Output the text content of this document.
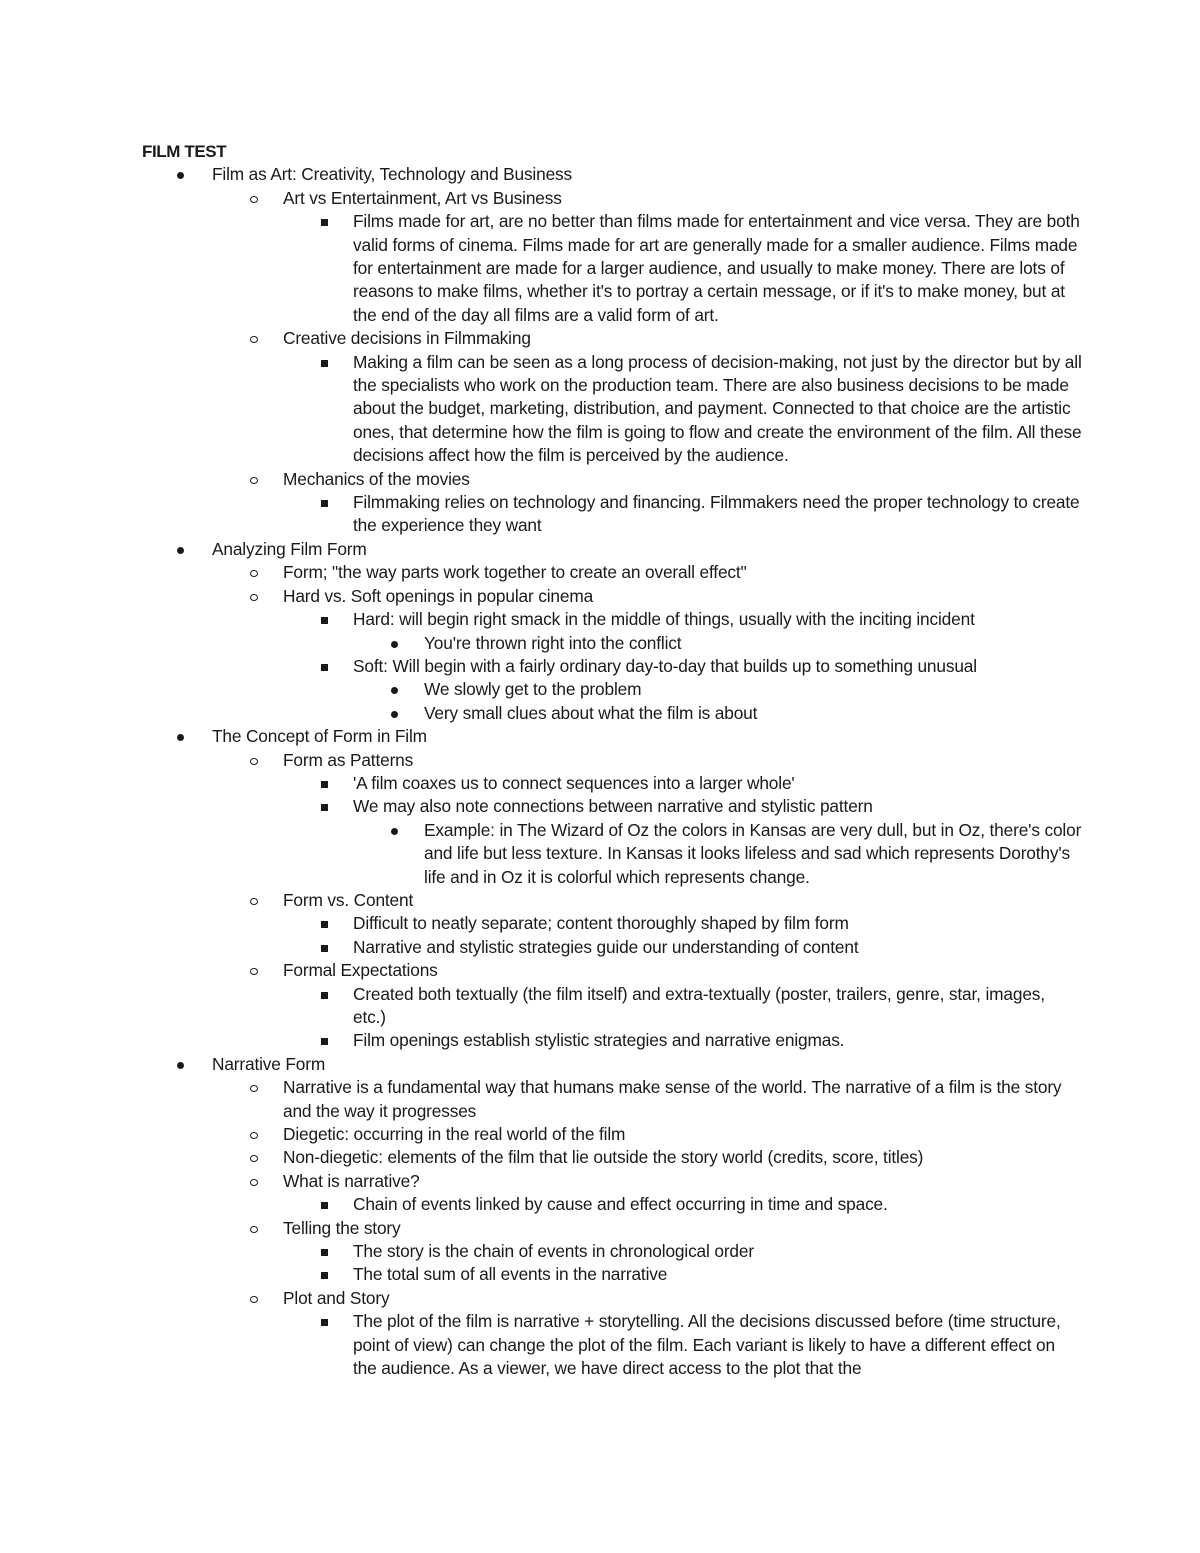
FILM TEST
Film as Art: Creativity, Technology and Business
Art vs Entertainment, Art vs Business
Films made for art, are no better than films made for entertainment and vice versa. They are both valid forms of cinema. Films made for art are generally made for a smaller audience. Films made for entertainment are made for a larger audience, and usually to make money. There are lots of reasons to make films, whether it's to portray a certain message, or if it's to make money, but at the end of the day all films are a valid form of art.
Creative decisions in Filmmaking
Making a film can be seen as a long process of decision-making, not just by the director but by all the specialists who work on the production team. There are also business decisions to be made about the budget, marketing, distribution, and payment. Connected to that choice are the artistic ones, that determine how the film is going to flow and create the environment of the film. All these decisions affect how the film is perceived by the audience.
Mechanics of the movies
Filmmaking relies on technology and financing. Filmmakers need the proper technology to create the experience they want
Analyzing Film Form
Form; "the way parts work together to create an overall effect"
Hard vs. Soft openings in popular cinema
Hard: will begin right smack in the middle of things, usually with the inciting incident
You're thrown right into the conflict
Soft: Will begin with a fairly ordinary day-to-day that builds up to something unusual
We slowly get to the problem
Very small clues about what the film is about
The Concept of Form in Film
Form as Patterns
'A film coaxes us to connect sequences into a larger whole'
We may also note connections between narrative and stylistic pattern
Example: in The Wizard of Oz the colors in Kansas are very dull, but in Oz, there's color and life but less texture. In Kansas it looks lifeless and sad which represents Dorothy's life and in Oz it is colorful which represents change.
Form vs. Content
Difficult to neatly separate; content thoroughly shaped by film form
Narrative and stylistic strategies guide our understanding of content
Formal Expectations
Created both textually (the film itself) and extra-textually (poster, trailers, genre, star, images, etc.)
Film openings establish stylistic strategies and narrative enigmas.
Narrative Form
Narrative is a fundamental way that humans make sense of the world. The narrative of a film is the story and the way it progresses
Diegetic: occurring in the real world of the film
Non-diegetic: elements of the film that lie outside the story world (credits, score, titles)
What is narrative?
Chain of events linked by cause and effect occurring in time and space.
Telling the story
The story is the chain of events in chronological order
The total sum of all events in the narrative
Plot and Story
The plot of the film is narrative + storytelling. All the decisions discussed before (time structure, point of view) can change the plot of the film. Each variant is likely to have a different effect on the audience. As a viewer, we have direct access to the plot that the
